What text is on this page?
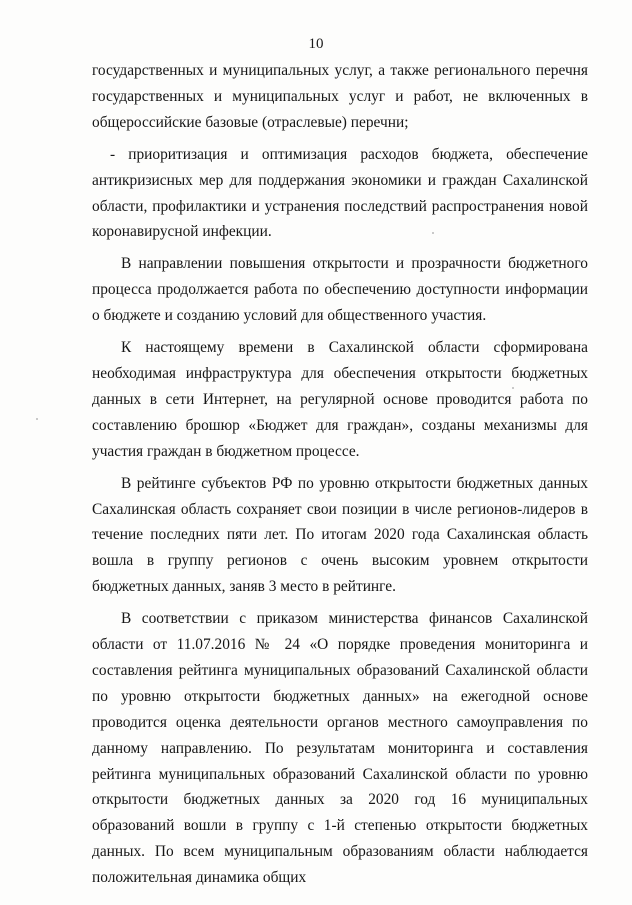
10

государственных и муниципальных услуг, а также регионального перечня государственных и муниципальных услуг и работ, не включенных в общероссийские базовые (отраслевые) перечни;

- приоритизация и оптимизация расходов бюджета, обеспечение антикризисных мер для поддержания экономики и граждан Сахалинской области, профилактики и устранения последствий распространения новой коронавирусной инфекции.

В направлении повышения открытости и прозрачности бюджетного процесса продолжается работа по обеспечению доступности информации о бюджете и созданию условий для общественного участия.

К настоящему времени в Сахалинской области сформирована необходимая инфраструктура для обеспечения открытости бюджетных данных в сети Интернет, на регулярной основе проводится работа по составлению брошюр «Бюджет для граждан», созданы механизмы для участия граждан в бюджетном процессе.

В рейтинге субъектов РФ по уровню открытости бюджетных данных Сахалинская область сохраняет свои позиции в числе регионов-лидеров в течение последних пяти лет. По итогам 2020 года Сахалинская область вошла в группу регионов с очень высоким уровнем открытости бюджетных данных, заняв 3 место в рейтинге.

В соответствии с приказом министерства финансов Сахалинской области от 11.07.2016 № 24 «О порядке проведения мониторинга и составления рейтинга муниципальных образований Сахалинской области по уровню открытости бюджетных данных» на ежегодной основе проводится оценка деятельности органов местного самоуправления по данному направлению. По результатам мониторинга и составления рейтинга муниципальных образований Сахалинской области по уровню открытости бюджетных данных за 2020 год 16 муниципальных образований вошли в группу с 1-й степенью открытости бюджетных данных. По всем муниципальным образованиям области наблюдается положительная динамика общих
